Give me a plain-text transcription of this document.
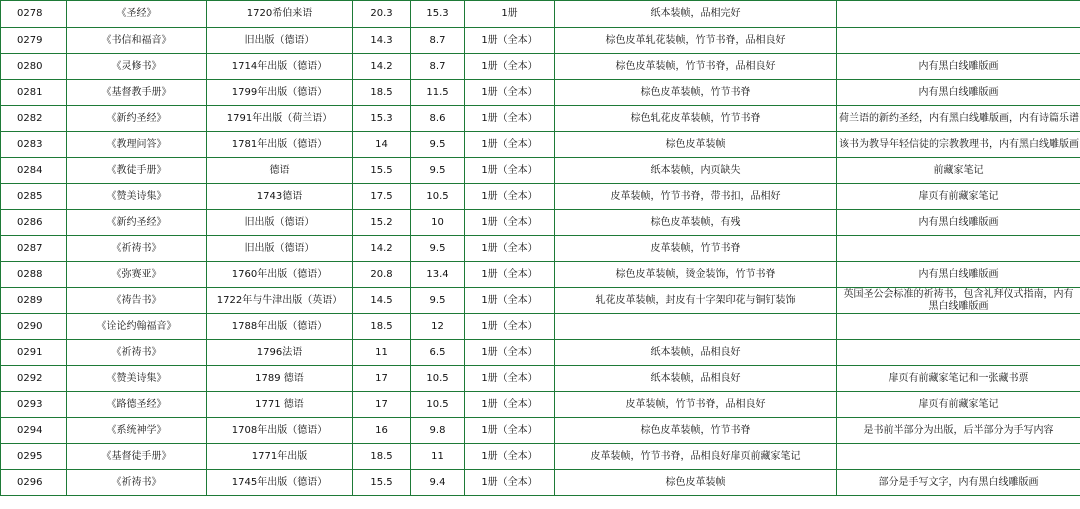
0278	《圣经》	1720希伯来语	20.3	15.3	1册	纸本装帧，品相完好	
0279	《书信和福音》	旧出版（德语）	14.3	8.7	1册（全本）	棕色皮革轧花装帧，竹节书脊，品相良好	
0280	《灵修书》	1714年出版（德语）	14.2	8.7	1册（全本）	棕色皮革装帧，竹节书脊，品相良好	内有黑白线雕版画
0281	《基督教手册》	1799年出版（德语）	18.5	11.5	1册（全本）	棕色皮革装帧，竹节书脊	内有黑白线雕版画
0282	《新约圣经》	1791年出版（荷兰语）	15.3	8.6	1册（全本）	棕色轧花皮革装帧，竹节书脊	荷兰语的新约圣经，内有黑白线雕版画，内有诗篇乐谱
0283	《教理问答》	1781年出版（德语）	14	9.5	1册（全本）	棕色皮革装帧	该书为教导年轻信徒的宗教教理书，内有黑白线雕版画
0284	《教徒手册》	德语	15.5	9.5	1册（全本）	纸本装帧，内页缺失	前藏家笔记
0285	《赞美诗集》	1743德语	17.5	10.5	1册（全本）	皮革装帧，竹节书脊，带书扣，品相好	扉页有前藏家笔记
0286	《新约圣经》	旧出版（德语）	15.2	10	1册（全本）	棕色皮革装帧，有残	内有黑白线雕版画
0287	《祈祷书》	旧出版（德语）	14.2	9.5	1册（全本）	皮革装帧，竹节书脊	
0288	《弥赛亚》	1760年出版（德语）	20.8	13.4	1册（全本）	棕色皮革装帧，烫金装饰，竹节书脊	内有黑白线雕版画
0289	《祷告书》	1722年与牛津出版（英语）	14.5	9.5	1册（全本）	轧花皮革装帧，封皮有十字架印花与铜钉装饰	英国圣公会标准的祈祷书，包含礼拜仪式指南，内有黑白线雕版画
0290	《诠论约翰福音》	1788年出版（德语）	18.5	12	1册（全本）		
0291	《祈祷书》	1796法语	11	6.5	1册（全本）	纸本装帧，品相良好	
0292	《赞美诗集》	1789 德语	17	10.5	1册（全本）	纸本装帧，品相良好	扉页有前藏家笔记和一张藏书票
0293	《路德圣经》	1771 德语	17	10.5	1册（全本）	皮革装帧，竹节书脊，品相良好	扉页有前藏家笔记
0294	《系统神学》	1708年出版（德语）	16	9.8	1册（全本）	棕色皮革装帧，竹节书脊	是书前半部分为出版，后半部分为手写内容
0295	《基督徒手册》	1771年出版	18.5	11	1册（全本）	皮革装帧，竹节书脊，品相良好扉页前藏家笔记	
0296	《祈祷书》	1745年出版（德语）	15.5	9.4	1册（全本）	棕色皮革装帧	部分是手写文字，内有黑白线雕版画
